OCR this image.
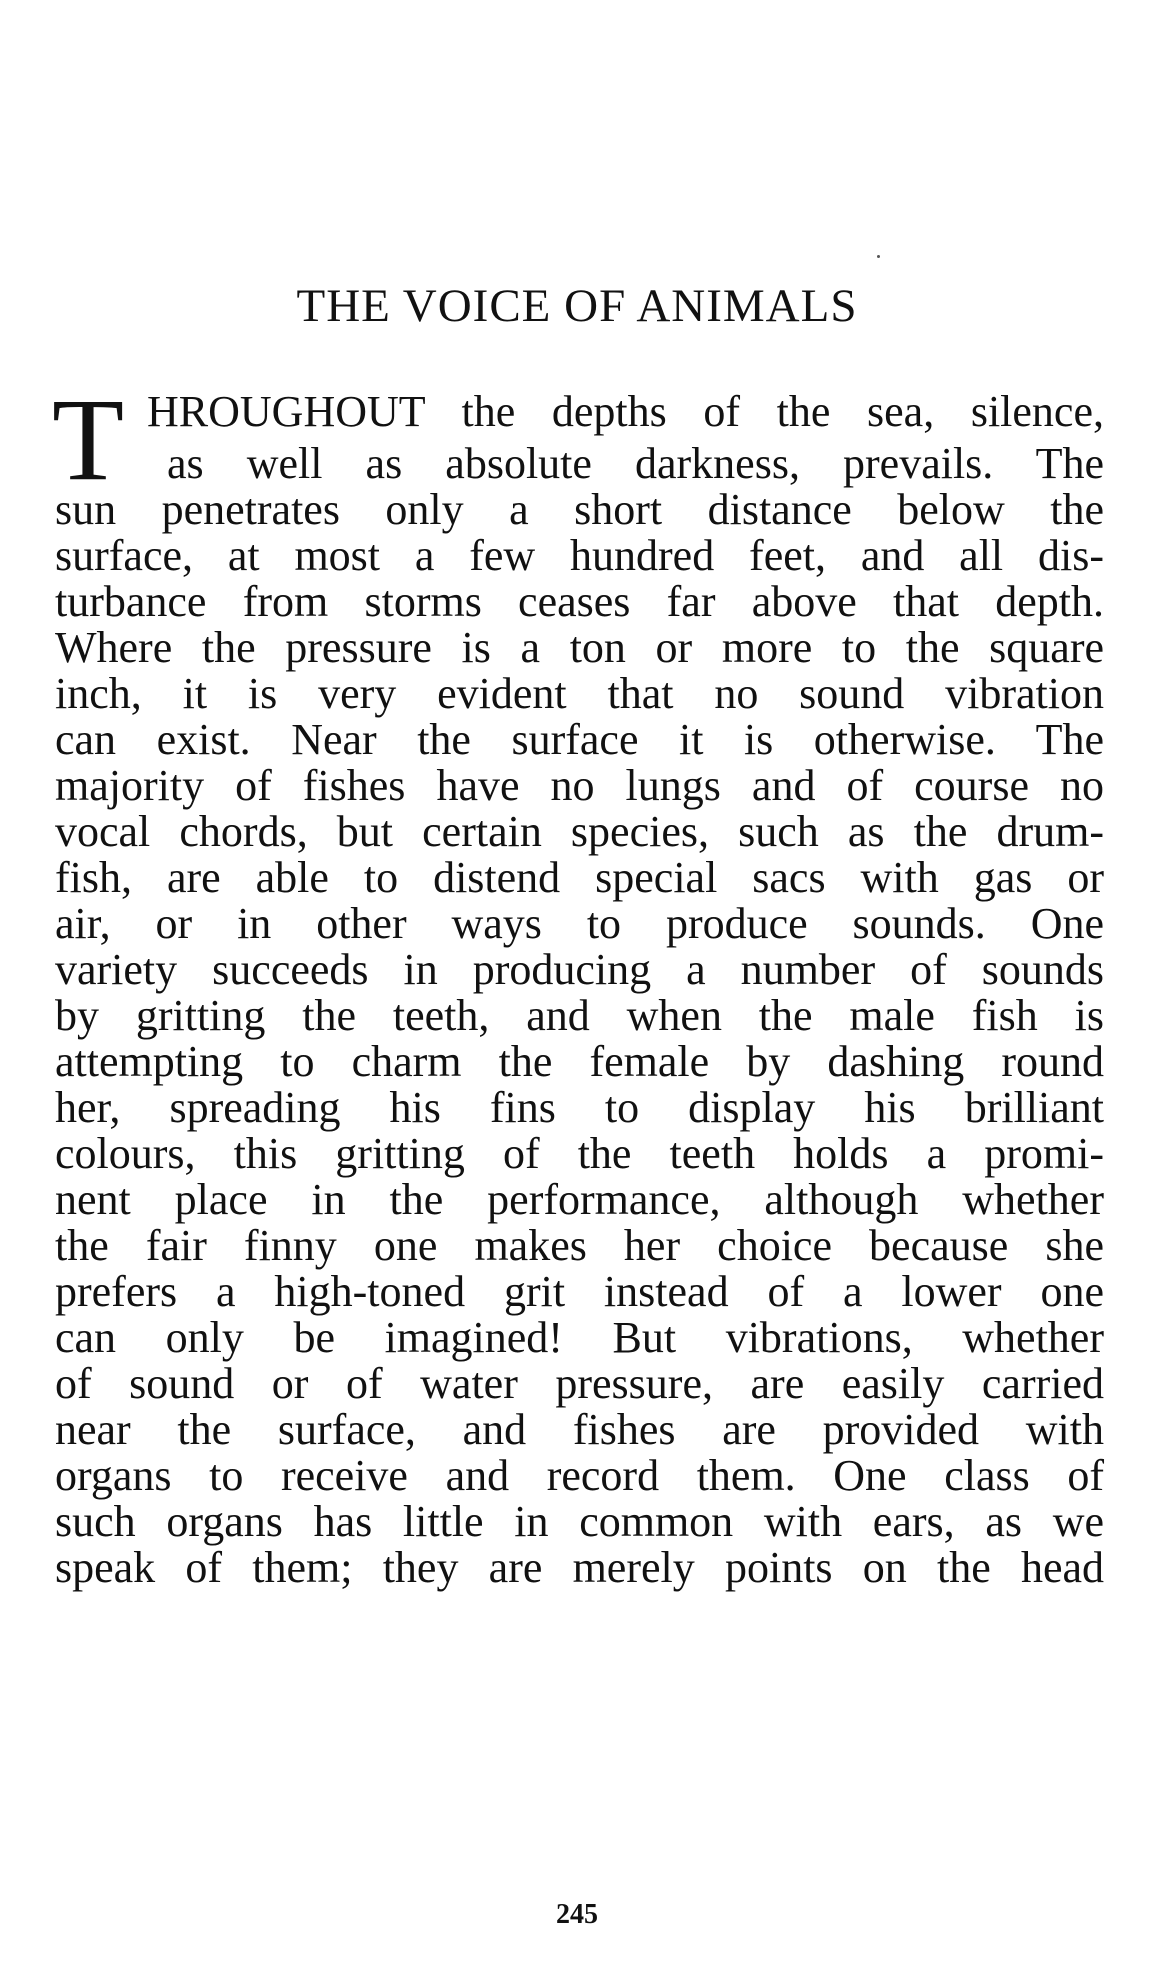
THE VOICE OF ANIMALS
T HROUGHOUT the depths of the sea, silence,
as well as absolute darkness, prevails. The
sun penetrates only a short distance below the
surface, at most a few hundred feet, and all dis-
turbance from storms ceases far above that depth.
Where the pressure is a ton or more to the square
inch, it is very evident that no sound vibration
can exist. Near the surface it is otherwise. The
majority of fishes have no lungs and of course no
vocal chords, but certain species, such as the drum-
fish, are able to distend special sacs with gas or
air, or in other ways to produce sounds. One
variety succeeds in producing a number of sounds
by gritting the teeth, and when the male fish is
attempting to charm the female by dashing round
her, spreading his fins to display his brilliant
colours, this gritting of the teeth holds a promi-
nent place in the performance, although whether
the fair finny one makes her choice because she
prefers a high-toned grit instead of a lower one
can only be imagined! But vibrations, whether
of sound or of water pressure, are easily carried
near the surface, and fishes are provided with
organs to receive and record them. One class of
such organs has little in common with ears, as we
speak of them; they are merely points on the head
245
